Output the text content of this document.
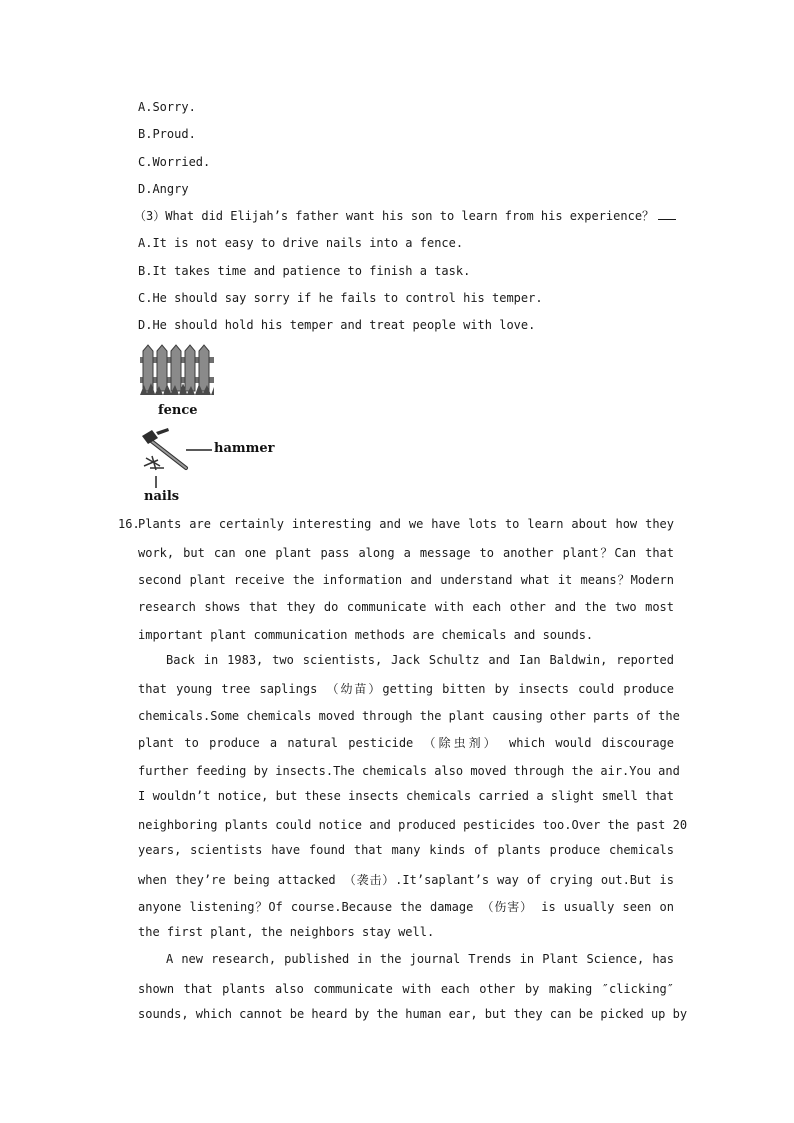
A.Sorry.
B.Proud.
C.Worried.
D.Angry
（3）What did Elijah’s father want his son to learn from his experience？
A.It is not easy to drive nails into a fence.
B.It takes time and patience to finish a task.
C.He should say sorry if he fails to control his temper.
D.He should hold his temper and treat people with love.
fence
hammer
nails
16.
Plants are certainly interesting and we have lots to learn about how they
work, but can one plant pass along a message to another plant？Can that
second plant receive the information and understand what it means？Modern
research shows that they do communicate with each other and the two most
important plant communication methods are chemicals and sounds.
Back in 1983, two scientists, Jack Schultz and Ian Baldwin, reported
that young tree saplings （幼苗）getting bitten by insects could produce
chemicals.Some chemicals moved through the plant causing other parts of the
plant to produce a natural pesticide （除虫剂） which would discourage
further feeding by insects.The chemicals also moved through the air.You and
I wouldn’t notice, but these insects chemicals carried a slight smell that
neighboring plants could notice and produced pesticides too.Over the past 20
years, scientists have found that many kinds of plants produce chemicals
when they’re being attacked （袭击）.It’saplant’s way of crying out.But is
anyone listening？Of course.Because the damage （伤害） is usually seen on
the first plant, the neighbors stay well.
A new research, published in the journal Trends in Plant Science, has
shown that plants also communicate with each other by making ″clicking″
sounds, which cannot be heard by the human ear, but they can be picked up by
